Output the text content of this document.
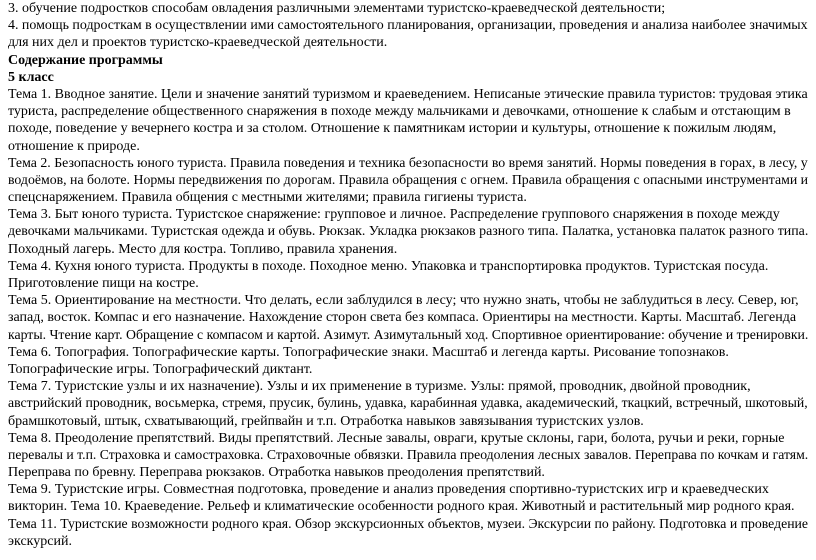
3. обучение подростков способам овладения различными элементами туристско-краеведческой деятельности;
4. помощь подросткам в осуществлении ими самостоятельного планирования, организации, проведения и анализа наиболее значимых
для них дел и проектов туристско-краеведческой деятельности.
Содержание программы
5 класс
Тема 1. Вводное занятие. Цели и значение занятий туризмом и краеведением. Неписаные этические правила туристов: трудовая этика
туриста, распределение общественного снаряжения в походе между мальчиками и девочками, отношение к слабым и отстающим в
походе, поведение у вечернего костра и за столом. Отношение к памятникам истории и культуры, отношение к пожилым людям,
отношение к природе.
Тема 2. Безопасность юного туриста. Правила поведения и техника безопасности во время занятий. Нормы поведения в горах, в лесу, у
водоёмов, на болоте. Нормы передвижения по дорогам. Правила обращения с огнем. Правила обращения с опасными инструментами и
спецснаряжением. Правила общения с местными жителями; правила гигиены туриста.
Тема 3. Быт юного туриста. Туристское снаряжение: групповое и личное. Распределение группового снаряжения в походе между
девочками мальчиками. Туристская одежда и обувь. Рюкзак. Укладка рюкзаков разного типа. Палатка, установка палаток разного типа.
Походный лагерь. Место для костра. Топливо, правила хранения.
Тема 4. Кухня юного туриста. Продукты в походе. Походное меню. Упаковка и транспортировка продуктов. Туристская посуда.
Приготовление пищи на костре.
Тема 5. Ориентирование на местности. Что делать, если заблудился в лесу; что нужно знать, чтобы не заблудиться в лесу. Север, юг,
запад, восток. Компас и его назначение. Нахождение сторон света без компаса. Ориентиры на местности. Карты. Масштаб. Легенда
карты. Чтение карт. Обращение с компасом и картой. Азимут. Азимутальный ход. Спортивное ориентирование: обучение и тренировки.
Тема 6. Топография. Топографические карты. Топографические знаки. Масштаб и легенда карты. Рисование топознаков.
Топографические игры. Топографический диктант.
Тема 7. Туристские узлы и их назначение). Узлы и их применение в туризме. Узлы: прямой, проводник, двойной проводник,
австрийский проводник, восьмерка, стремя, прусик, булинь, удавка, карабинная удавка, академический, ткацкий, встречный, шкотовый,
брамшкотовый, штык, схватывающий, грейпвайн и т.п. Отработка навыков завязывания туристских узлов.
Тема 8. Преодоление препятствий. Виды препятствий. Лесные завалы, овраги, крутые склоны, гари, болота, ручьи и реки, горные
перевалы и т.п. Страховка и самостраховка. Страховочные обвязки. Правила преодоления лесных завалов. Переправа по кочкам и гатям.
Переправа по бревну. Переправа рюкзаков. Отработка навыков преодоления препятствий.
Тема 9. Туристские игры. Совместная подготовка, проведение и анализ проведения спортивно-туристских игр и краеведческих
викторин. Тема 10. Краеведение. Рельеф и климатические особенности родного края. Животный и растительный мир родного края.
Тема 11. Туристские возможности родного края. Обзор экскурсионных объектов, музеи. Экскурсии по району. Подготовка и проведение
экскурсий.
